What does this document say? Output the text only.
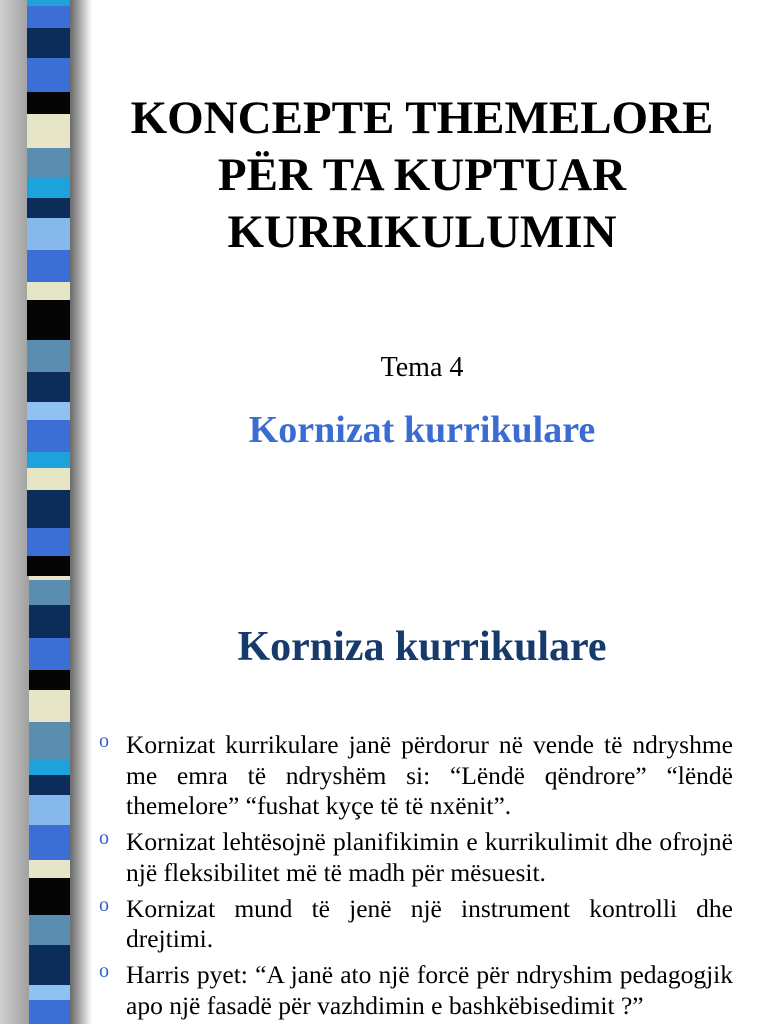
KONCEPTE THEMELORE
PËR TA KUPTUAR
KURRIKULUMIN
Tema 4
Kornizat kurrikulare
Korniza kurrikulare
o Kornizat kurrikulare janë përdorur në vende të ndryshme me emra të ndryshëm si: “Lëndë qëndrore” “lëndë themelore” “fushat kyçe të të nxënit”.
o Kornizat lehtësojnë planifikimin e kurrikulimit dhe ofrojnë një fleksibilitet më të madh për mësuesit.
o Kornizat mund të jenë një instrument kontrolli dhe drejtimi.
o Harris pyet: “A janë ato një forcë për ndryshim pedagogjik apo një fasadë për vazhdimin e bashkëbisedimit ?”
